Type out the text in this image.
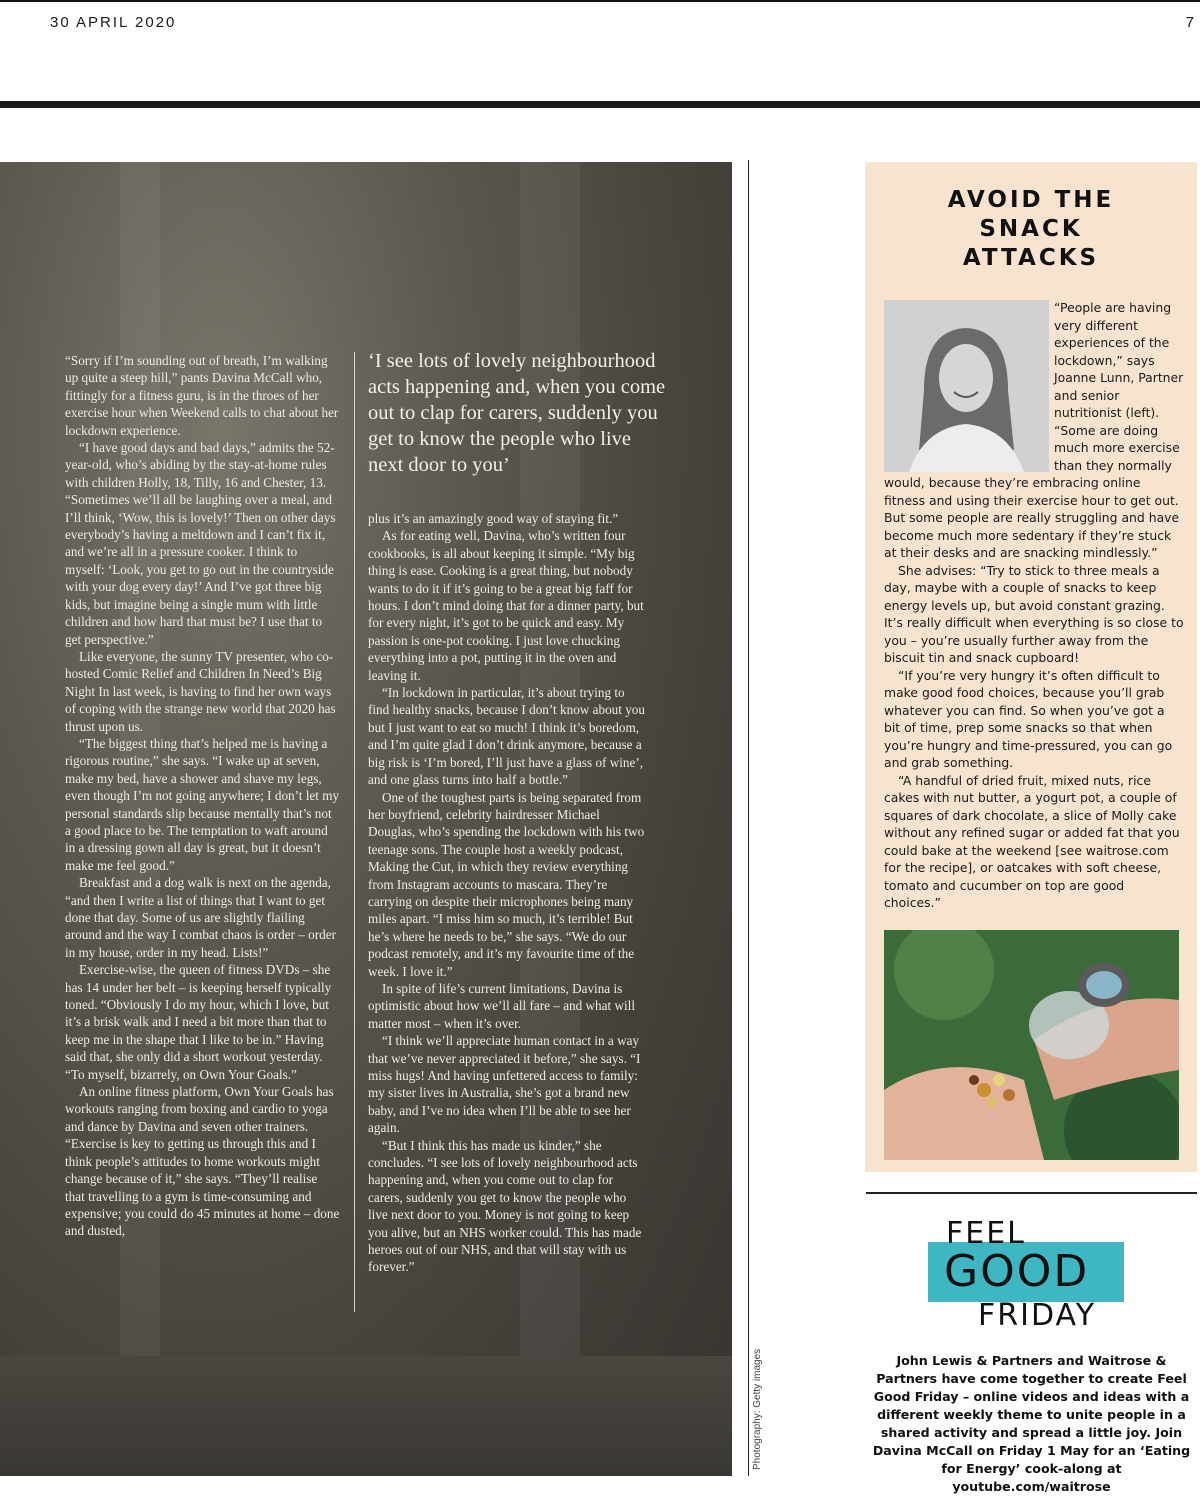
30 APRIL 2020	7

“Sorry if I’m sounding out of breath, I’m walking up quite a steep hill,” pants Davina McCall who, fittingly for a fitness guru, is in the throes of her exercise hour when Weekend calls to chat about her lockdown experience.

“I have good days and bad days,” admits the 52-year-old, who’s abiding by the stay-at-home rules with children Holly, 18, Tilly, 16 and Chester, 13. “Sometimes we’ll all be laughing over a meal, and I’ll think, ‘Wow, this is lovely!’ Then on other days everybody’s having a meltdown and I can’t fix it, and we’re all in a pressure cooker. I think to myself: ‘Look, you get to go out in the countryside with your dog every day!’ And I’ve got three big kids, but imagine being a single mum with little children and how hard that must be? I use that to get perspective.”

Like everyone, the sunny TV presenter, who co-hosted Comic Relief and Children In Need’s Big Night In last week, is having to find her own ways of coping with the strange new world that 2020 has thrust upon us.

“The biggest thing that’s helped me is having a rigorous routine,” she says. “I wake up at seven, make my bed, have a shower and shave my legs, even though I’m not going anywhere; I don’t let my personal standards slip because mentally that’s not a good place to be. The temptation to waft around in a dressing gown all day is great, but it doesn’t make me feel good.”

Breakfast and a dog walk is next on the agenda, “and then I write a list of things that I want to get done that day. Some of us are slightly flailing around and the way I combat chaos is order – order in my house, order in my head. Lists!”

Exercise-wise, the queen of fitness DVDs – she has 14 under her belt – is keeping herself typically toned. “Obviously I do my hour, which I love, but it’s a brisk walk and I need a bit more than that to keep me in the shape that I like to be in.” Having said that, she only did a short workout yesterday. “To myself, bizarrely, on Own Your Goals.”

An online fitness platform, Own Your Goals has workouts ranging from boxing and cardio to yoga and dance by Davina and seven other trainers. “Exercise is key to getting us through this and I think people’s attitudes to home workouts might change because of it,” she says. “They’ll realise that travelling to a gym is time-consuming and expensive; you could do 45 minutes at home – done and dusted,

‘I see lots of lovely neighbourhood acts happening and, when you come out to clap for carers, suddenly you get to know the people who live next door to you’

plus it’s an amazingly good way of staying fit.”

As for eating well, Davina, who’s written four cookbooks, is all about keeping it simple. “My big thing is ease. Cooking is a great thing, but nobody wants to do it if it’s going to be a great big faff for hours. I don’t mind doing that for a dinner party, but for every night, it’s got to be quick and easy. My passion is one-pot cooking. I just love chucking everything into a pot, putting it in the oven and leaving it.

“In lockdown in particular, it’s about trying to find healthy snacks, because I don’t know about you but I just want to eat so much! I think it’s boredom, and I’m quite glad I don’t drink anymore, because a big risk is ‘I’m bored, I’ll just have a glass of wine’, and one glass turns into half a bottle.”

One of the toughest parts is being separated from her boyfriend, celebrity hairdresser Michael Douglas, who’s spending the lockdown with his two teenage sons. The couple host a weekly podcast, Making the Cut, in which they review everything from Instagram accounts to mascara. They’re carrying on despite their microphones being many miles apart. “I miss him so much, it’s terrible! But he’s where he needs to be,” she says. “We do our podcast remotely, and it’s my favourite time of the week. I love it.”

In spite of life’s current limitations, Davina is optimistic about how we’ll all fare – and what will matter most – when it’s over.

“I think we’ll appreciate human contact in a way that we’ve never appreciated it before,” she says. “I miss hugs! And having unfettered access to family: my sister lives in Australia, she’s got a brand new baby, and I’ve no idea when I’ll be able to see her again.

“But I think this has made us kinder,” she concludes. “I see lots of lovely neighbourhood acts happening and, when you come out to clap for carers, suddenly you get to know the people who live next door to you. Money is not going to keep you alive, but an NHS worker could. This has made heroes out of our NHS, and that will stay with us forever.”

Photography: Getty images
AVOID THE
SNACK
ATTACKS

“People are having very different experiences of the lockdown,” says Joanne Lunn, Partner and senior nutritionist (left). “Some are doing much more exercise than they normally would, because they’re embracing online fitness and using their exercise hour to get out. But some people are really struggling and have become much more sedentary if they’re stuck at their desks and are snacking mindlessly.”

She advises: “Try to stick to three meals a day, maybe with a couple of snacks to keep energy levels up, but avoid constant grazing. It’s really difficult when everything is so close to you – you’re usually further away from the biscuit tin and snack cupboard!

“If you’re very hungry it’s often difficult to make good food choices, because you’ll grab whatever you can find. So when you’ve got a bit of time, prep some snacks so that when you’re hungry and time-pressured, you can go and grab something.

“A handful of dried fruit, mixed nuts, rice cakes with nut butter, a yogurt pot, a couple of squares of dark chocolate, a slice of Molly cake without any refined sugar or added fat that you could bake at the weekend [see waitrose.com for the recipe], or oatcakes with soft cheese, tomato and cucumber on top are good choices.”

FEEL
GOOD
FRIDAY
John Lewis & Partners and Waitrose & Partners have come together to create Feel Good Friday – online videos and ideas with a different weekly theme to unite people in a shared activity and spread a little joy. Join Davina McCall on Friday 1 May for an ‘Eating for Energy’ cook-along at youtube.com/waitrose
